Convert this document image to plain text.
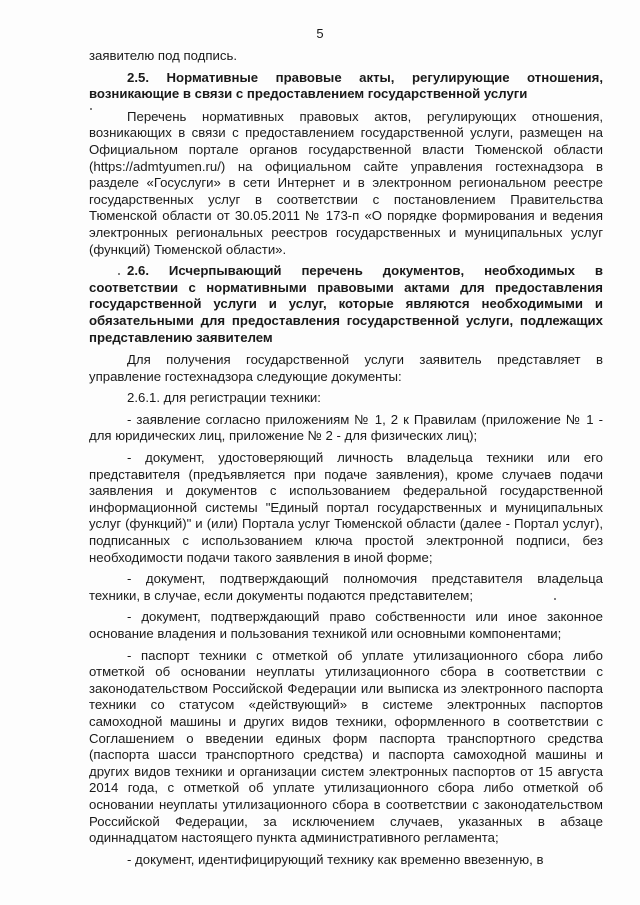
5

заявителю под подпись.

2.5. Нормативные правовые акты, регулирующие отношения, возникающие в связи с предоставлением государственной услуги

Перечень нормативных правовых актов, регулирующих отношения, возникающих в связи с предоставлением государственной услуги, размещен на Официальном портале органов государственной власти Тюменской области (https://admtyumen.ru/) на официальном сайте управления гостехнадзора в разделе «Госуслуги» в сети Интернет и в электронном региональном реестре государственных услуг в соответствии с постановлением Правительства Тюменской области от 30.05.2011 № 173-п «О порядке формирования и ведения электронных региональных реестров государственных и муниципальных услуг (функций) Тюменской области».

2.6. Исчерпывающий перечень документов, необходимых в соответствии с нормативными правовыми актами для предоставления государственной услуги и услуг, которые являются необходимыми и обязательными для предоставления государственной услуги, подлежащих представлению заявителем

Для получения государственной услуги заявитель представляет в управление гостехнадзора следующие документы:

2.6.1. для регистрации техники:

- заявление согласно приложениям № 1, 2 к Правилам (приложение № 1 - для юридических лиц, приложение № 2 - для физических лиц);

- документ, удостоверяющий личность владельца техники или его представителя (предъявляется при подаче заявления), кроме случаев подачи заявления и документов с использованием федеральной государственной информационной системы "Единый портал государственных и муниципальных услуг (функций)" и (или) Портала услуг Тюменской области (далее - Портал услуг), подписанных с использованием ключа простой электронной подписи, без необходимости подачи такого заявления в иной форме;

- документ, подтверждающий полномочия представителя владельца техники, в случае, если документы подаются представителем;

- документ, подтверждающий право собственности или иное законное основание владения и пользования техникой или основными компонентами;

- паспорт техники с отметкой об уплате утилизационного сбора либо отметкой об основании неуплаты утилизационного сбора в соответствии с законодательством Российской Федерации или выписка из электронного паспорта техники со статусом «действующий» в системе электронных паспортов самоходной машины и других видов техники, оформленного в соответствии с Соглашением о введении единых форм паспорта транспортного средства (паспорта шасси транспортного средства) и паспорта самоходной машины и других видов техники и организации систем электронных паспортов от 15 августа 2014 года, с отметкой об уплате утилизационного сбора либо отметкой об основании неуплаты утилизационного сбора в соответствии с законодательством Российской Федерации, за исключением случаев, указанных в абзаце одиннадцатом настоящего пункта административного регламента;

- документ, идентифицирующий технику как временно ввезенную, в
